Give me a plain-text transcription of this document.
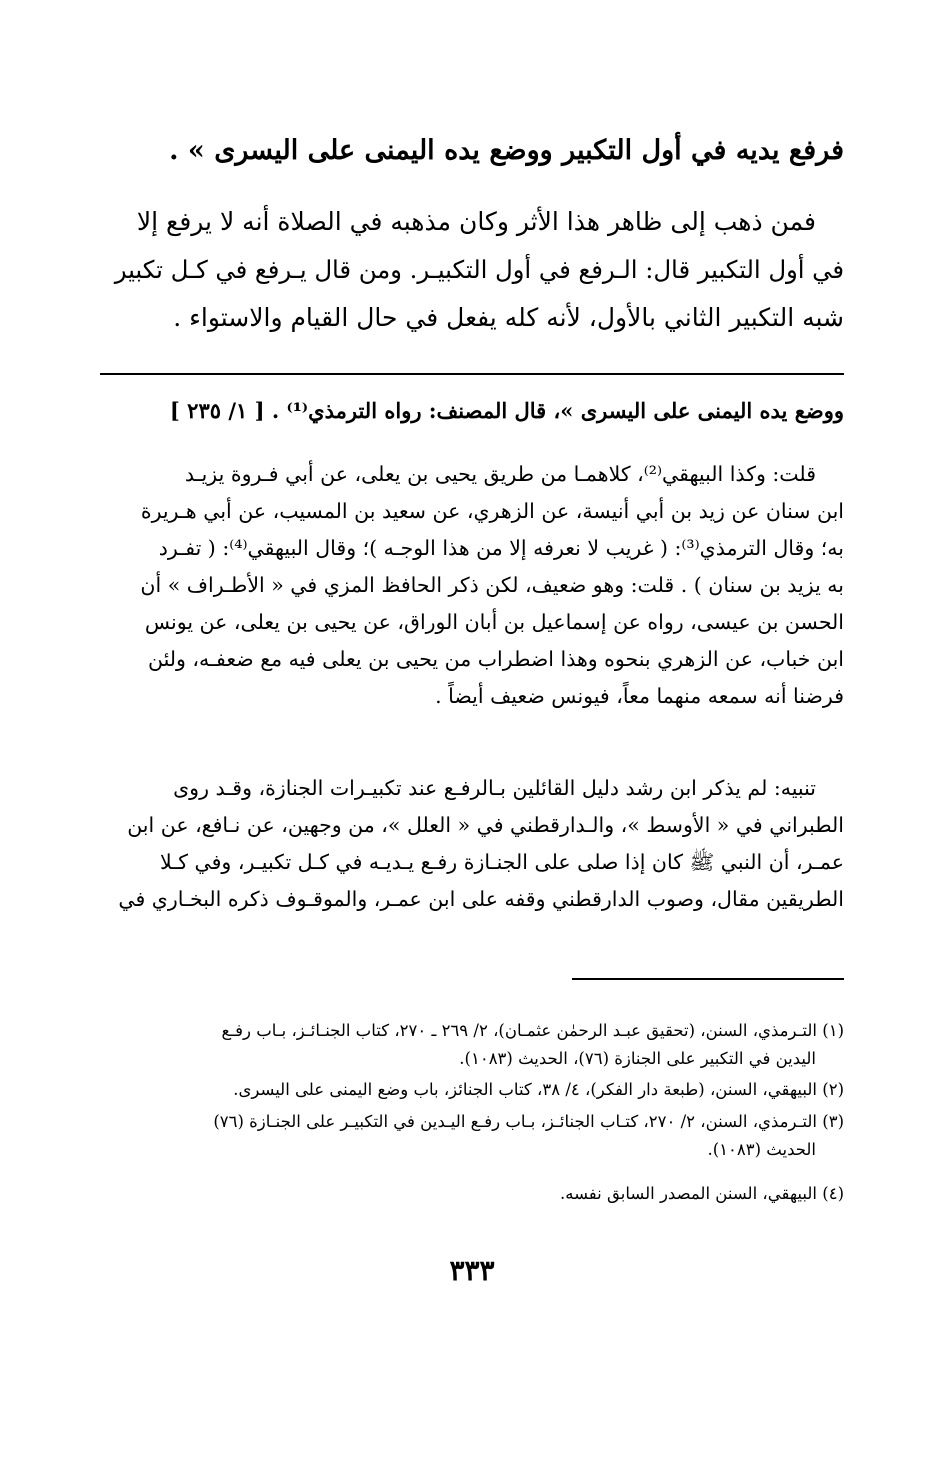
فرفع يديه في أول التكبير ووضع يده اليمنى على اليسرى » .
فمن ذهب إلى ظاهر هذا الأثر وكان مذهبه في الصلاة أنه لا يرفع إلا
في أول التكبير قال: الـرفع في أول التكبيـر. ومن قال يـرفع في كـل تكبير
شبه التكبير الثاني بالأول، لأنه كله يفعل في حال القيام والاستواء .
ووضع يده اليمنى على اليسرى »، قال المصنف: رواه الترمذي⁽¹⁾ . [ ١/ ٢٣٥ ]
قلت: وكذا البيهقي⁽²⁾، كلاهمـا من طريق يحيى بن يعلى، عن أبي فـروة يزيـد
ابن سنان عن زيد بن أبي أنيسة، عن الزهري، عن سعيد بن المسيب، عن أبي هـريرة
به؛ وقال الترمذي⁽³⁾: ( غريب لا نعرفه إلا من هذا الوجـه )؛ وقال البيهقي⁽⁴⁾: ( تفـرد
به يزيد بن سنان ) . قلت: وهو ضعيف، لكن ذكر الحافظ المزي في « الأطـراف » أن
الحسن بن عيسى، رواه عن إسماعيل بن أبان الوراق، عن يحيى بن يعلى، عن يونس
ابن خباب، عن الزهري بنحوه وهذا اضطراب من يحيى بن يعلى فيه مع ضعفـه، ولئن
فرضنا أنه سمعه منهما معاً، فيونس ضعيف أيضاً .
تنبيه: لم يذكر ابن رشد دليل القائلين بـالرفـع عند تكبيـرات الجنازة، وقـد روى
الطبراني في « الأوسط »، والـدارقطني في « العلل »، من وجهين، عن نـافع، عن ابن
عمـر، أن النبي ﷺ كان إذا صلى على الجنـازة رفـع يـديـه في كـل تكبيـر، وفي كـلا
الطريقين مقال، وصوب الدارقطني وقفه على ابن عمـر، والموقـوف ذكره البخـاري في
(١) التـرمذي، السنن، (تحقيق عبـد الرحمٰن عثمـان)، ٢/ ٢٦٩ ـ ٢٧٠، كتاب الجنـائـز، بـاب رفـع
اليدين في التكبير على الجنازة (٧٦)، الحديث (١٠٨٣).
(٢) البيهقي، السنن، (طبعة دار الفكر)، ٤/ ٣٨، كتاب الجنائز، باب وضع اليمنى على اليسرى.
(٣) التـرمذي، السنن، ٢/ ٢٧٠، كتـاب الجنائـز، بـاب رفـع اليـدين في التكبيـر على الجنـازة (٧٦)
الحديث (١٠٨٣).
(٤) البيهقي، السنن المصدر السابق نفسه.
٣٣٣
